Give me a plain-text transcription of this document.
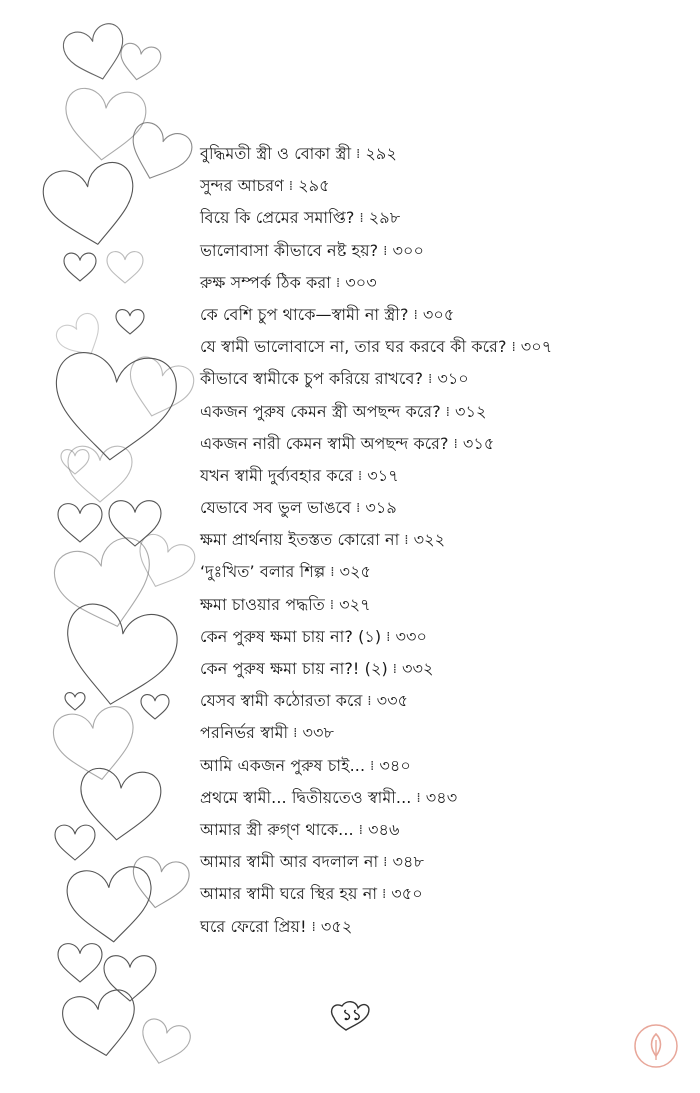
বুদ্ধিমতী স্ত্রী ও বোকা স্ত্রী ⁞ ২৯২
সুন্দর আচরণ ⁞ ২৯৫
বিয়ে কি প্রেমের সমাপ্তি? ⁞ ২৯৮
ভালোবাসা কীভাবে নষ্ট হয়? ⁞ ৩০০
রুক্ষ সম্পর্ক ঠিক করা ⁞ ৩০৩
কে বেশি চুপ থাকে—স্বামী না স্ত্রী? ⁞ ৩০৫
যে স্বামী ভালোবাসে না, তার ঘর করবে কী করে? ⁞ ৩০৭
কীভাবে স্বামীকে চুপ করিয়ে রাখবে? ⁞ ৩১০
একজন পুরুষ কেমন স্ত্রী অপছন্দ করে? ⁞ ৩১২
একজন নারী কেমন স্বামী অপছন্দ করে? ⁞ ৩১৫
যখন স্বামী দুর্ব্যবহার করে ⁞ ৩১৭
যেভাবে সব ভুল ভাঙবে ⁞ ৩১৯
ক্ষমা প্রার্থনায় ইতস্তত কোরো না ⁞ ৩২২
‘দুঃখিত’ বলার শিল্প ⁞ ৩২৫
ক্ষমা চাওয়ার পদ্ধতি ⁞ ৩২৭
কেন পুরুষ ক্ষমা চায় না? (১) ⁞ ৩৩০
কেন পুরুষ ক্ষমা চায় না?! (২) ⁞ ৩৩২
যেসব স্বামী কঠোরতা করে ⁞ ৩৩৫
পরনির্ভর স্বামী ⁞ ৩৩৮
আমি একজন পুরুষ চাই... ⁞ ৩৪০
প্রথমে স্বামী... দ্বিতীয়তেও স্বামী... ⁞ ৩৪৩
আমার স্ত্রী রুগ্‌ণ থাকে... ⁞ ৩৪৬
আমার স্বামী আর বদলাল না ⁞ ৩৪৮
আমার স্বামী ঘরে স্থির হয় না ⁞ ৩৫০
ঘরে ফেরো প্রিয়! ⁞ ৩৫২
১১
